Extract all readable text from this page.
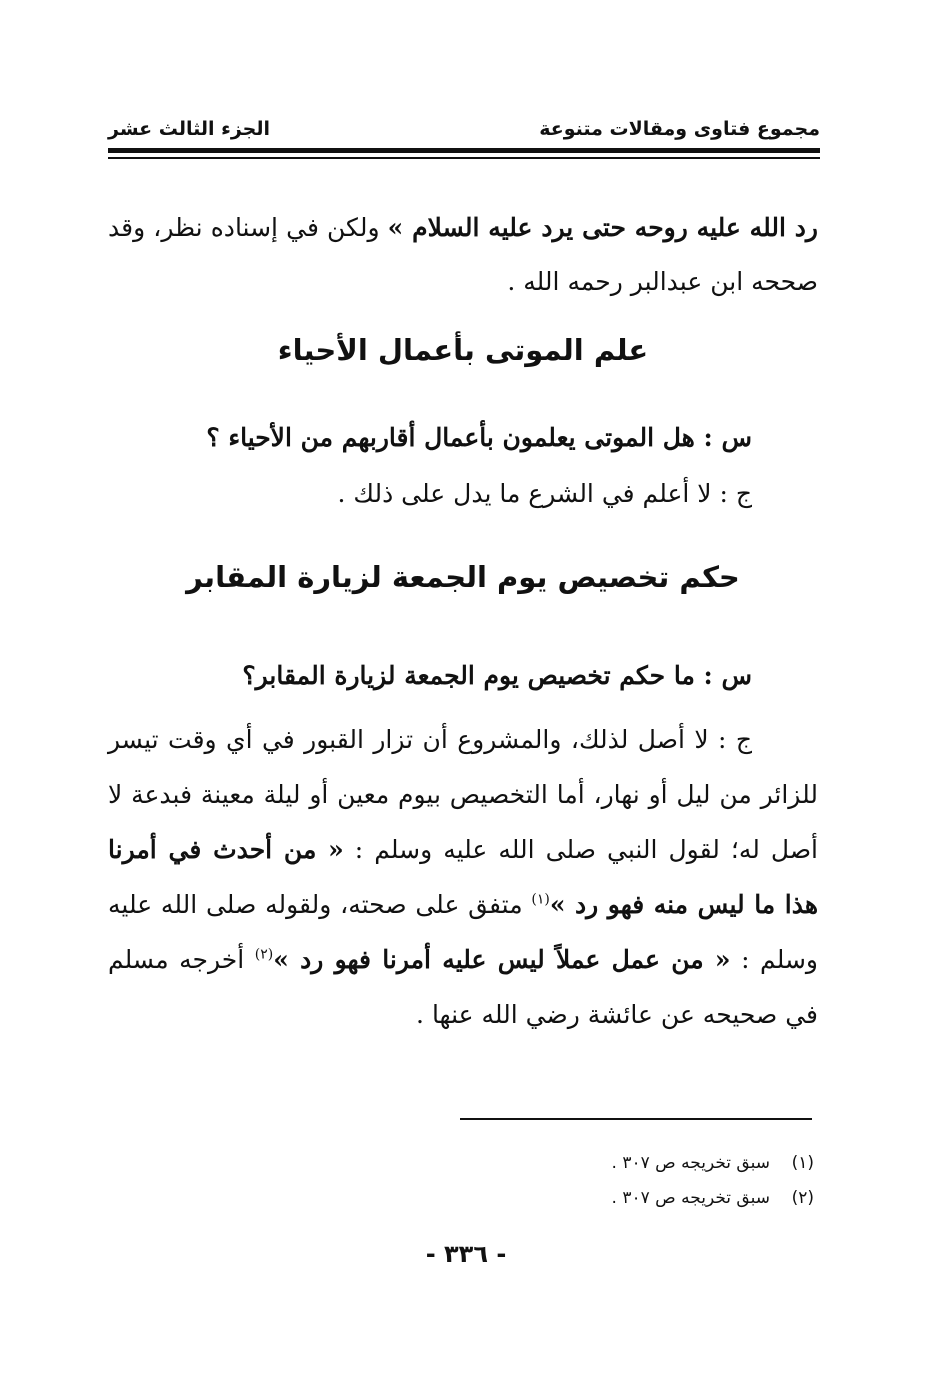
مجموع فتاوى ومقالات متنوعة
الجزء الثالث عشر
رد الله عليه روحه حتى يرد عليه السلام » ولكن في إسناده نظر، وقد صححه ابن عبدالبر رحمه الله .
علم الموتى بأعمال الأحياء
س : هل الموتى يعلمون بأعمال أقاربهم من الأحياء ؟
ج : لا أعلم في الشرع ما يدل على ذلك .
حكم تخصيص يوم الجمعة لزيارة المقابر
س : ما حكم تخصيص يوم الجمعة لزيارة المقابر؟
ج : لا أصل لذلك، والمشروع أن تزار القبور في أي وقت تيسر للزائر من ليل أو نهار، أما التخصيص بيوم معين أو ليلة معينة فبدعة لا أصل له؛ لقول النبي صلى الله عليه وسلم : « من أحدث في أمرنا هذا ما ليس منه فهو رد »$^{(١)}$ متفق على صحته، ولقوله صلى الله عليه وسلم : « من عمل عملاً ليس عليه أمرنا فهو رد »$^{(٢)}$ أخرجه مسلم في صحيحه عن عائشة رضي الله عنها .
(١)سبق تخريجه ص ٣٠٧ .
(٢)سبق تخريجه ص ٣٠٧ .
- ٣٣٦ -
